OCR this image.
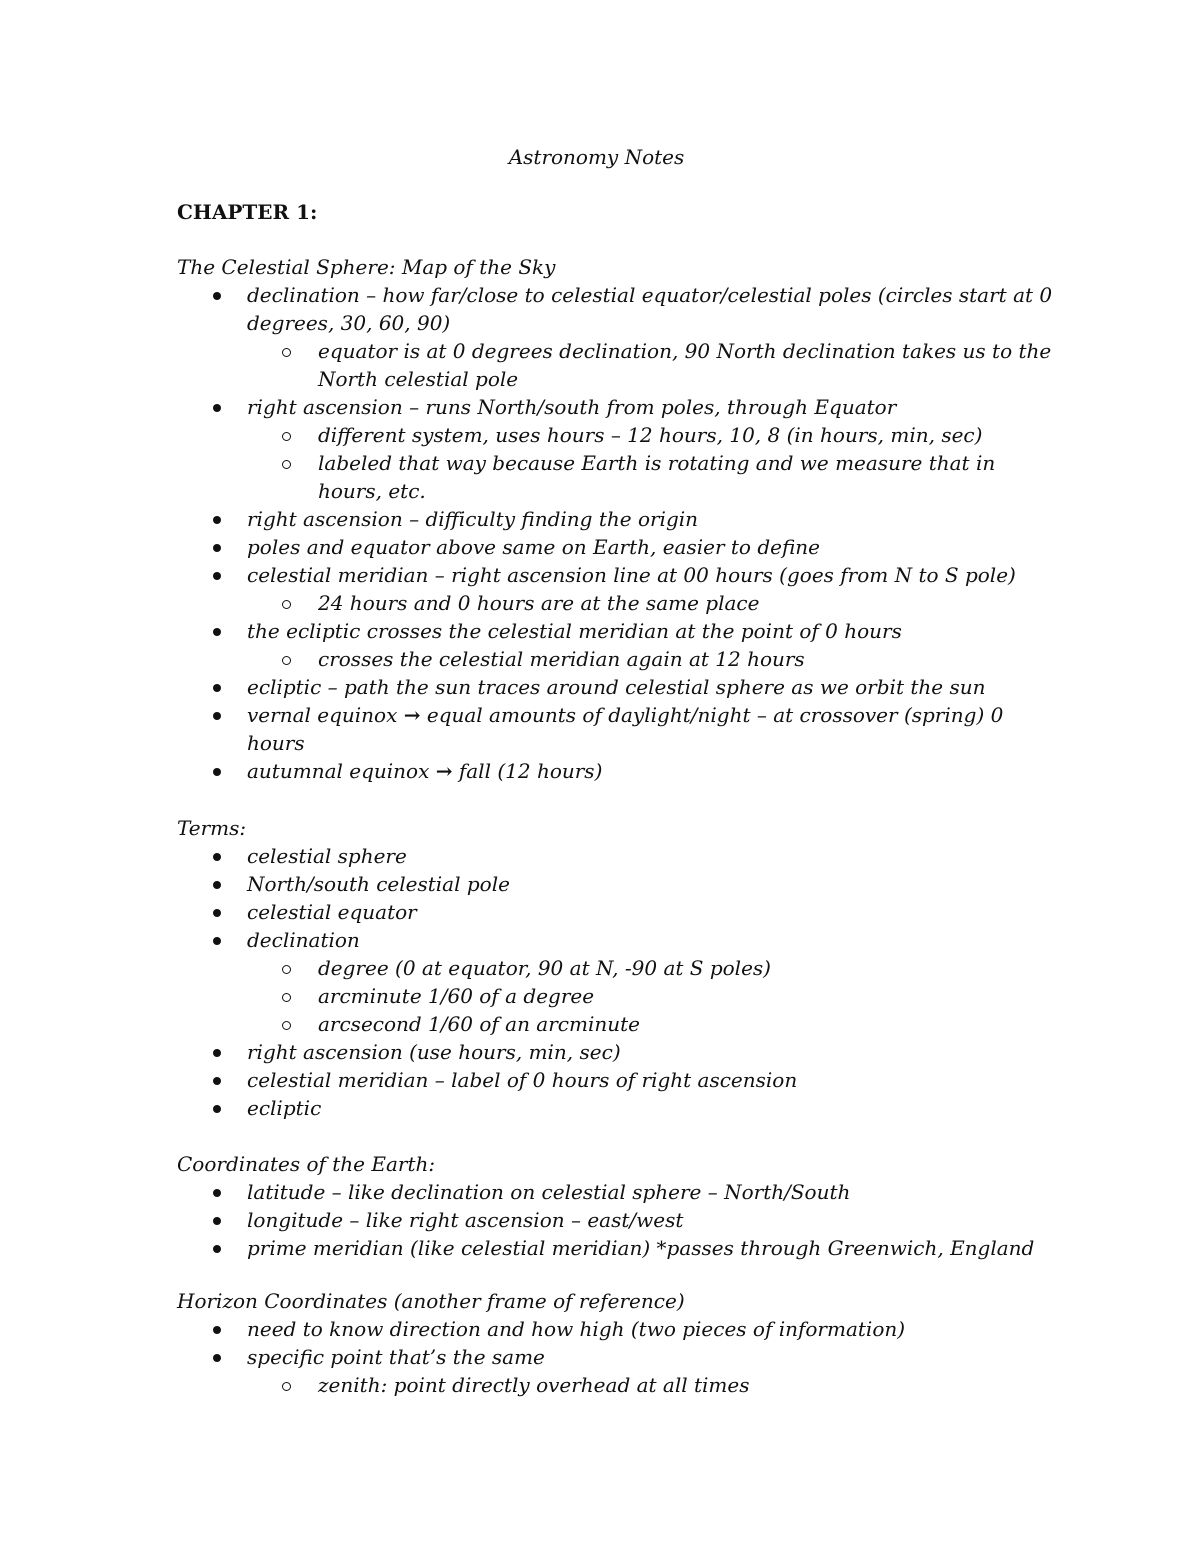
Astronomy Notes
CHAPTER 1:

The Celestial Sphere: Map of the Sky

declination – how far/close to celestial equator/celestial poles (circles start at 0 degrees, 30, 60, 90)
equator is at 0 degrees declination, 90 North declination takes us to the North celestial pole
right ascension – runs North/south from poles, through Equator
different system, uses hours – 12 hours, 10, 8 (in hours, min, sec)
labeled that way because Earth is rotating and we measure that in hours, etc.
right ascension – difficulty finding the origin
poles and equator above same on Earth, easier to define
celestial meridian – right ascension line at 00 hours (goes from N to S pole)
24 hours and 0 hours are at the same place
the ecliptic crosses the celestial meridian at the point of 0 hours
crosses the celestial meridian again at 12 hours
ecliptic – path the sun traces around celestial sphere as we orbit the sun
vernal equinox → equal amounts of daylight/night – at crossover (spring) 0 hours
autumnal equinox → fall (12 hours)

Terms:

celestial sphere
North/south celestial pole
celestial equator
declination
degree (0 at equator, 90 at N, -90 at S poles)
arcminute 1/60 of a degree
arcsecond 1/60 of an arcminute
right ascension (use hours, min, sec)
celestial meridian – label of 0 hours of right ascension
ecliptic

Coordinates of the Earth:

latitude – like declination on celestial sphere – North/South
longitude – like right ascension – east/west
prime meridian (like celestial meridian) *passes through Greenwich, England

Horizon Coordinates (another frame of reference)

need to know direction and how high (two pieces of information)
specific point that’s the same
zenith: point directly overhead at all times
